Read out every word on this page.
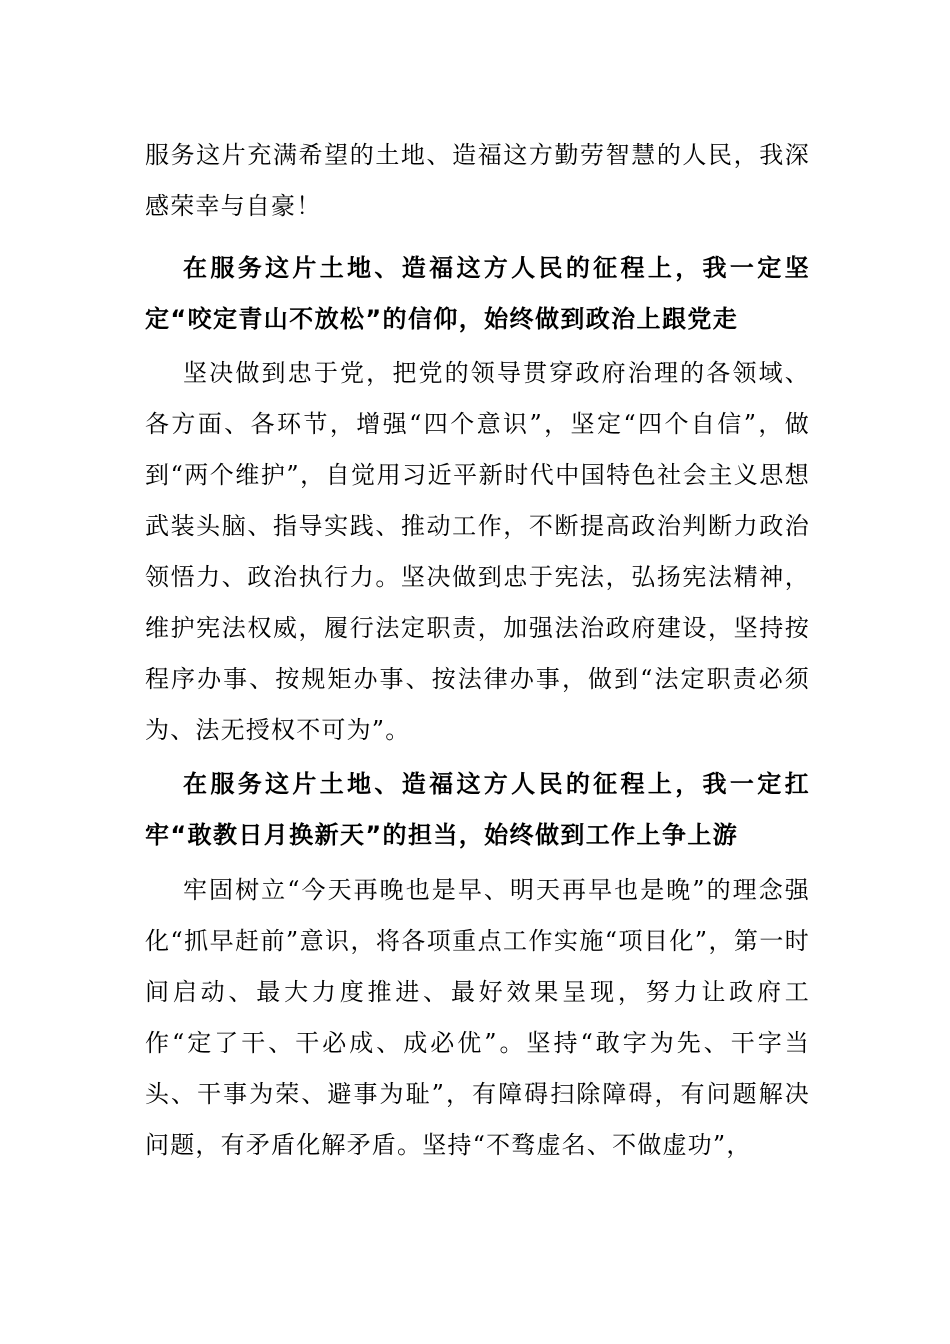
服务这片充满希望的土地、造福这方勤劳智慧的人民，我深感荣幸与自豪！

在服务这片土地、造福这方人民的征程上，我一定坚定“咬定青山不放松”的信仰，始终做到政治上跟党走

坚决做到忠于党，把党的领导贯穿政府治理的各领域、各方面、各环节，增强“四个意识”，坚定“四个自信”，做到“两个维护”，自觉用习近平新时代中国特色社会主义思想武装头脑、指导实践、推动工作，不断提高政治判断力政治领悟力、政治执行力。坚决做到忠于宪法，弘扬宪法精神，维护宪法权威，履行法定职责，加强法治政府建设，坚持按程序办事、按规矩办事、按法律办事，做到“法定职责必须为、法无授权不可为”。

在服务这片土地、造福这方人民的征程上，我一定扛牢“敢教日月换新天”的担当，始终做到工作上争上游

牢固树立“今天再晚也是早、明天再早也是晚”的理念强化“抓早赶前”意识，将各项重点工作实施“项目化”，第一时间启动、最大力度推进、最好效果呈现，努力让政府工作“定了干、干必成、成必优”。坚持“敢字为先、干字当头、干事为荣、避事为耻”，有障碍扫除障碍，有问题解决问题，有矛盾化解矛盾。坚持“不骛虚名、不做虚功”，
